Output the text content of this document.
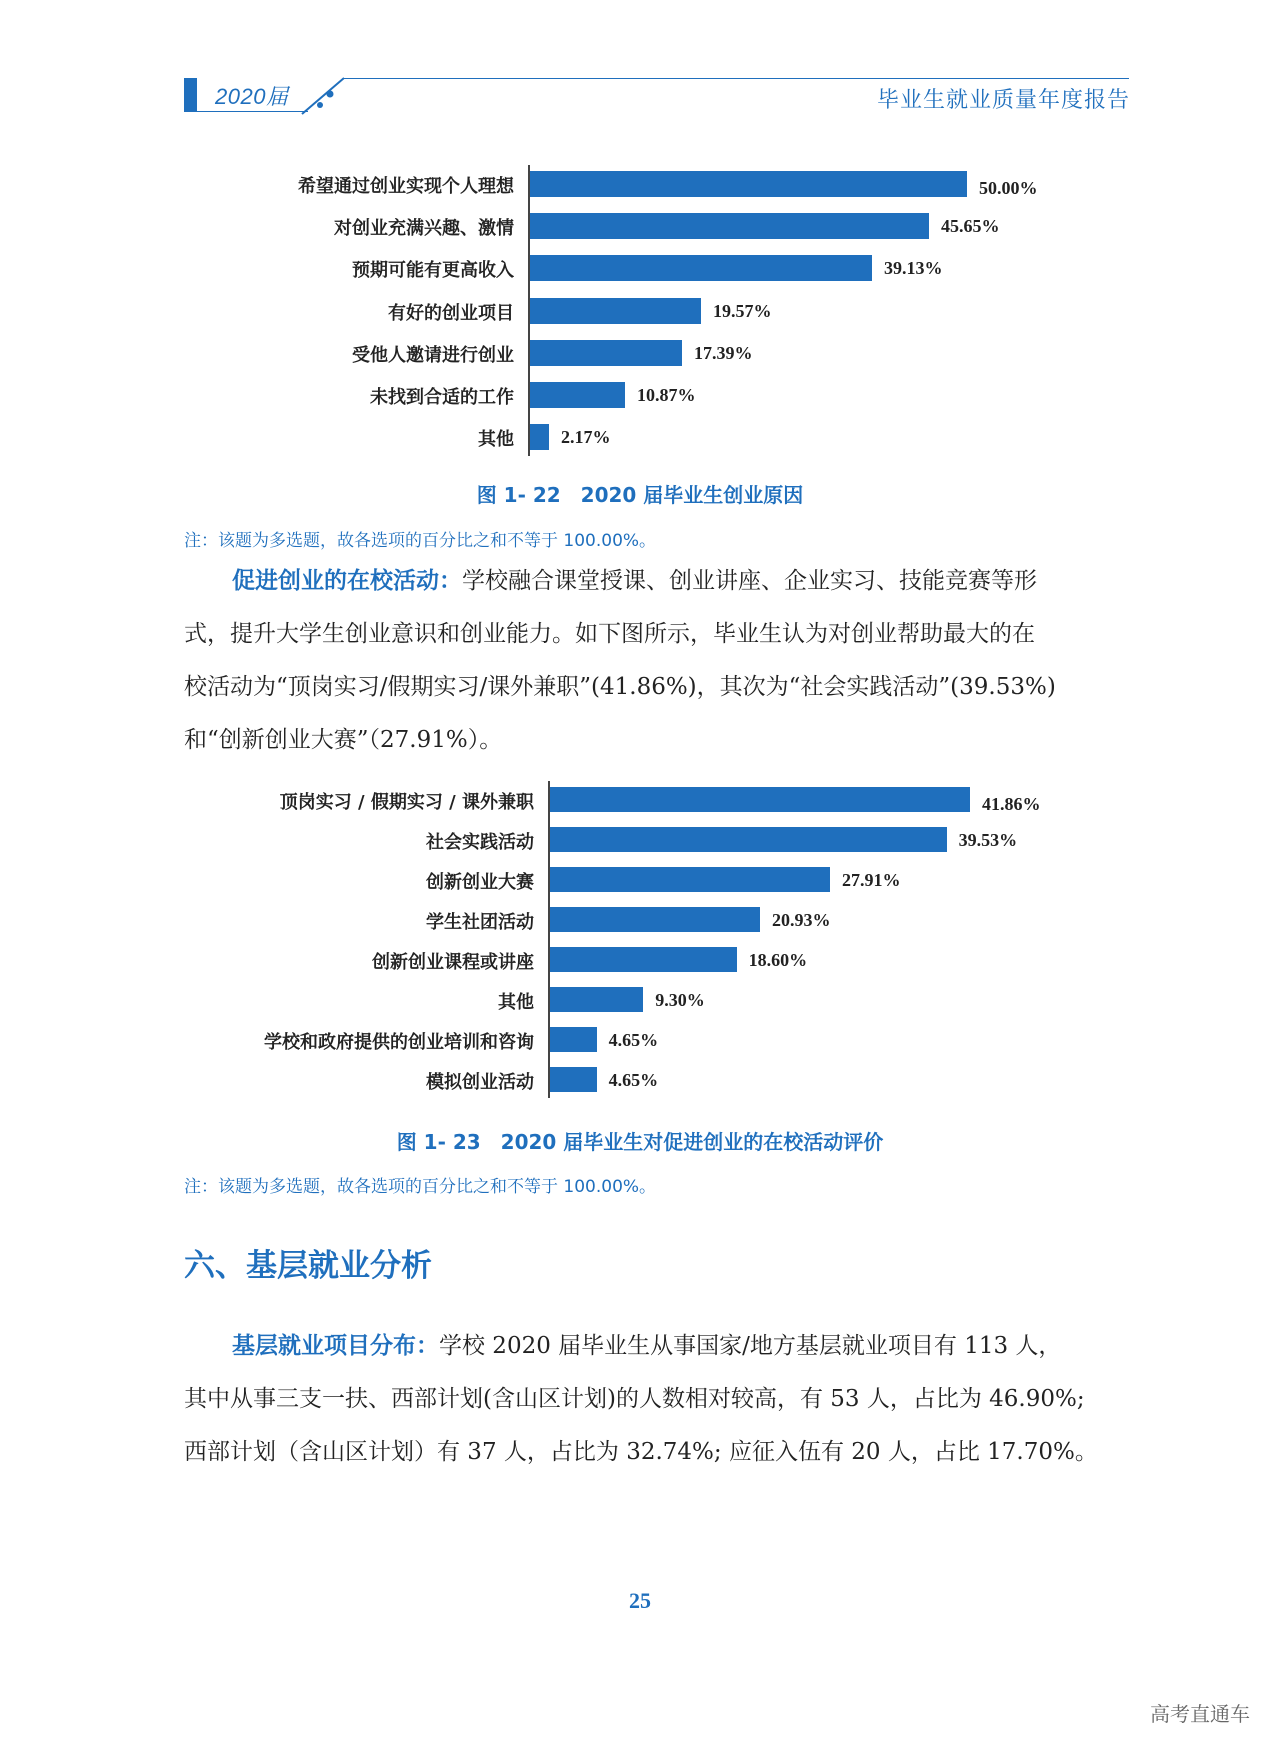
2020届	毕业生就业质量年度报告
希望通过创业实现个人理想	50.00%
对创业充满兴趣、激情	45.65%
预期可能有更高收入	39.13%
有好的创业项目	19.57%
受他人邀请进行创业	17.39%
未找到合适的工作	10.87%
其他	2.17%
图 1- 22　2020 届毕业生创业原因
注：该题为多选题，故各选项的百分比之和不等于 100.00%。
促进创业的在校活动：学校融合课堂授课、创业讲座、企业实习、技能竞赛等形
式，提升大学生创业意识和创业能力。如下图所示，毕业生认为对创业帮助最大的在
校活动为“顶岗实习/假期实习/课外兼职”(41.86%)，其次为“社会实践活动”(39.53%)
和“创新创业大赛”（27.91%）。
顶岗实习 / 假期实习 / 课外兼职	41.86%
社会实践活动	39.53%
创新创业大赛	27.91%
学生社团活动	20.93%
创新创业课程或讲座	18.60%
其他	9.30%
学校和政府提供的创业培训和咨询	4.65%
模拟创业活动	4.65%
图 1- 23　2020 届毕业生对促进创业的在校活动评价
注：该题为多选题，故各选项的百分比之和不等于 100.00%。
六、基层就业分析
基层就业项目分布：学校 2020 届毕业生从事国家/地方基层就业项目有 113 人，
其中从事三支一扶、西部计划(含山区计划)的人数相对较高，有 53 人，占比为 46.90%;
西部计划（含山区计划）有 37 人，占比为 32.74%; 应征入伍有 20 人，占比 17.70%。
25
高考直通车
